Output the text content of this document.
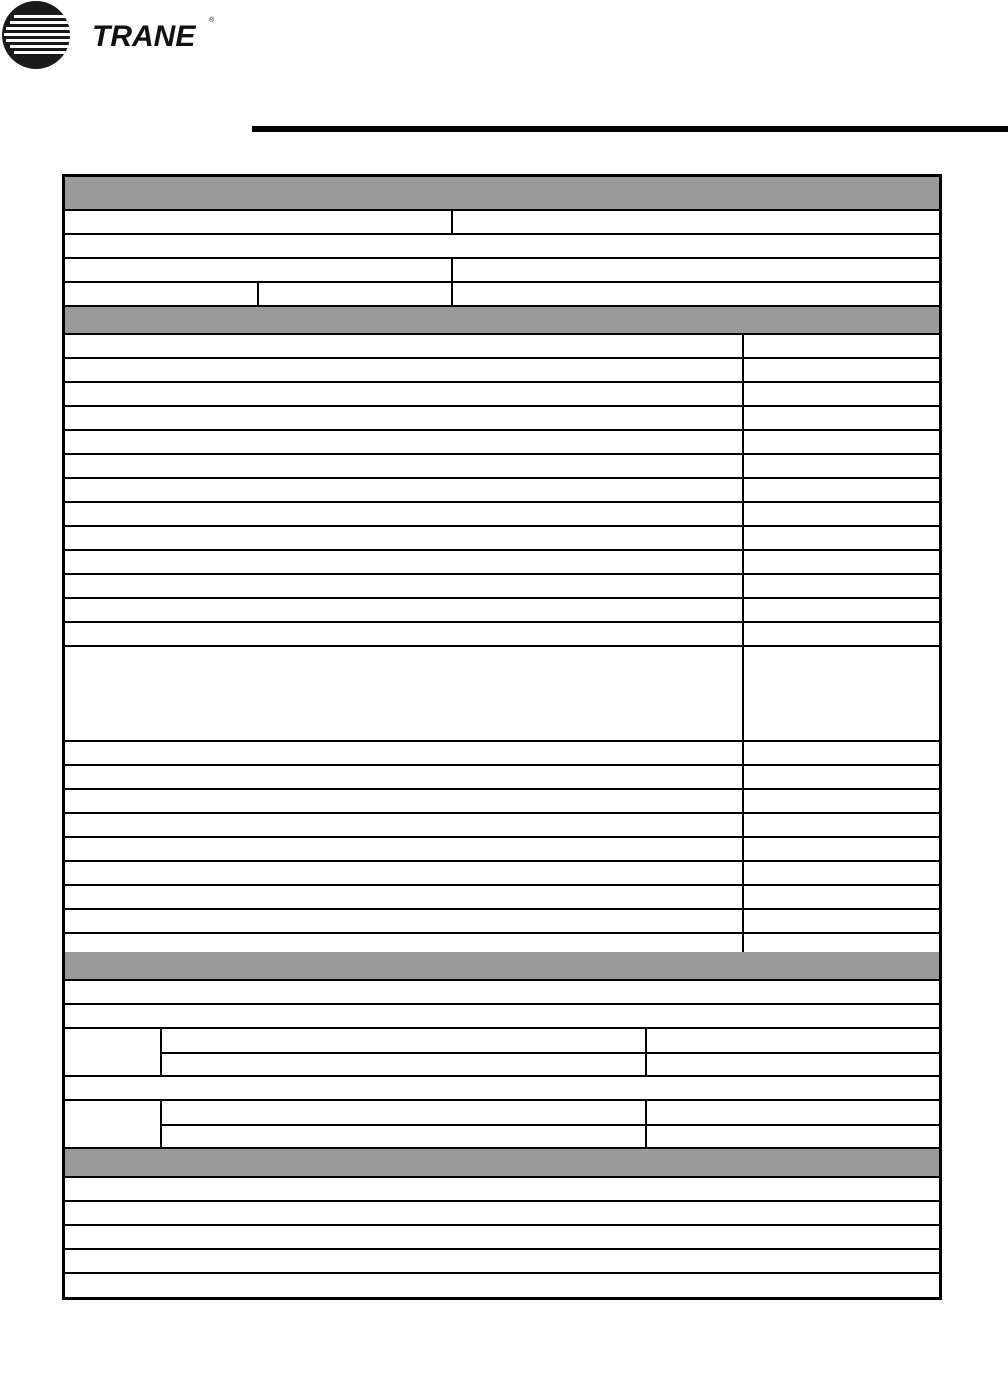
TRANE ®
